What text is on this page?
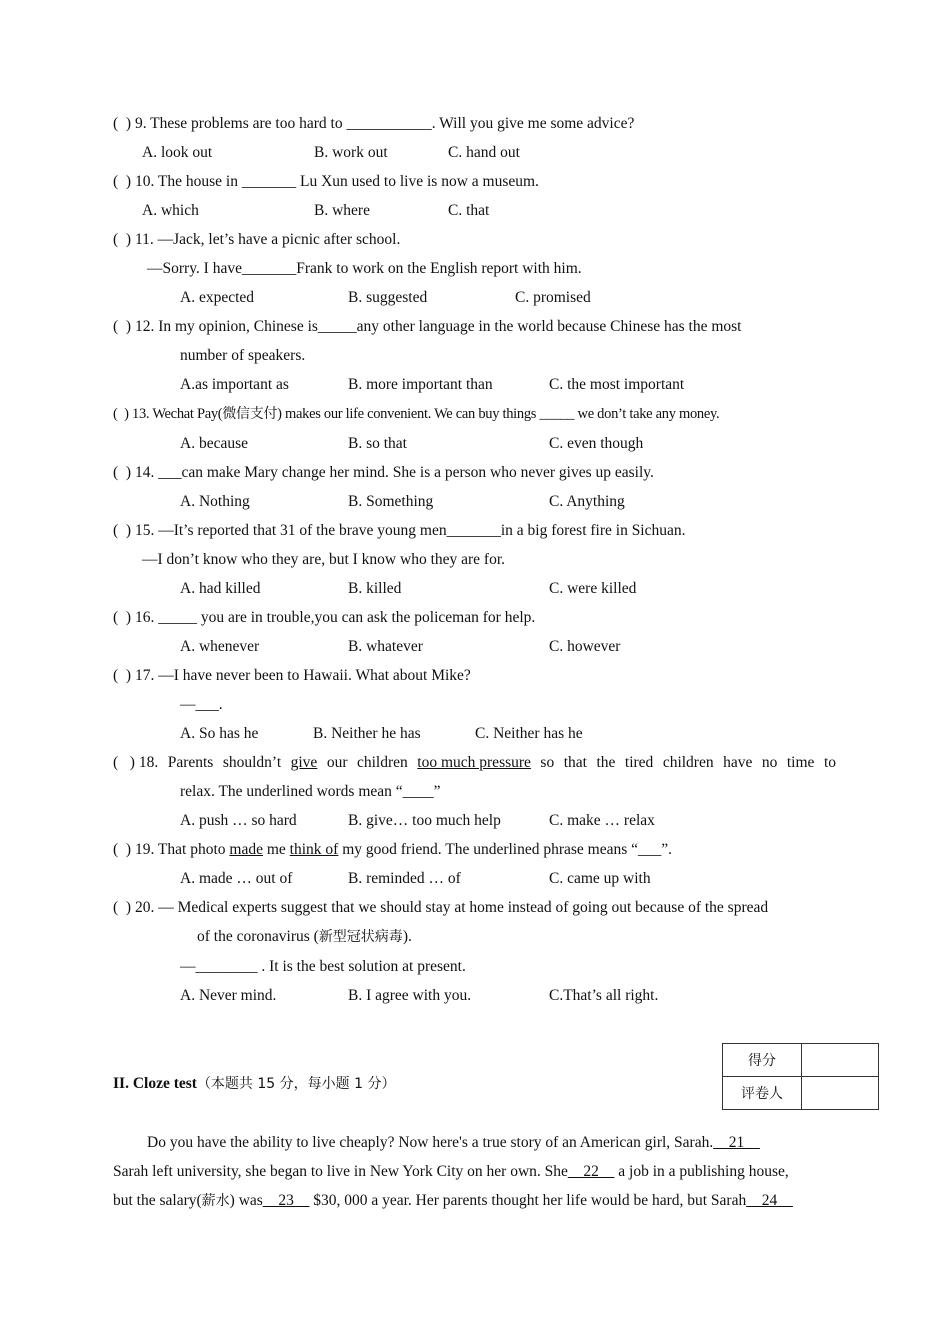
(  ) 9. These problems are too hard to ___________. Will you give me some advice?
A. look out	B. work out	C. hand out
(  ) 10. The house in _______ Lu Xun used to live is now a museum.
A. which	B. where	C. that
(  ) 11. —Jack, let’s have a picnic after school.
—Sorry. I have_______Frank to work on the English report with him.
A. expected	B. suggested	C. promised
(  ) 12. In my opinion, Chinese is_____any other language in the world because Chinese has the most
number of speakers.
A.as important as	B. more important than	C. the most important
(  ) 13. Wechat Pay(微信支付) makes our life convenient. We can buy things _____ we don’t take any money.
A. because	B. so that	C. even though
(  ) 14. ___can make Mary change her mind. She is a person who never gives up easily.
A. Nothing	B. Something	C. Anything
(  ) 15. —It’s reported that 31 of the brave young men_______in a big forest fire in Sichuan.
—I don’t know who they are, but I know who they are for.
A. had killed	B. killed	C. were killed
(  ) 16. _____ you are in trouble,you can ask the policeman for help.
A. whenever	B. whatever	C. however
(  ) 17. —I have never been to Hawaii. What about Mike?
—___.
A. So has he	B. Neither he has	C. Neither has he
(   ) 18. Parents shouldn’t give our children too much pressure so that the tired children have no time to
relax. The underlined words mean “____”
A. push … so hard	B. give… too much help	C. make … relax
(  ) 19. That photo made me think of my good friend. The underlined phrase means “___”.
A. made … out of	B. reminded … of	C. came up with
(  ) 20. — Medical experts suggest that we should stay at home instead of going out because of the spread
of the coronavirus (新型冠状病毒).
—________ . It is the best solution at present.
A. Never mind.	B. I agree with you.	C.That’s all right.
II. Cloze test（本题共 15 分，每小题 1 分）
得分	
评卷人	
Do you have the ability to live cheaply? Now here's a true story of an American girl, Sarah.__21__
Sarah left university, she began to live in New York City on her own. She__22__ a job in a publishing house,
but the salary(薪水) was__23__ $30, 000 a year. Her parents thought her life would be hard, but Sarah__24__
